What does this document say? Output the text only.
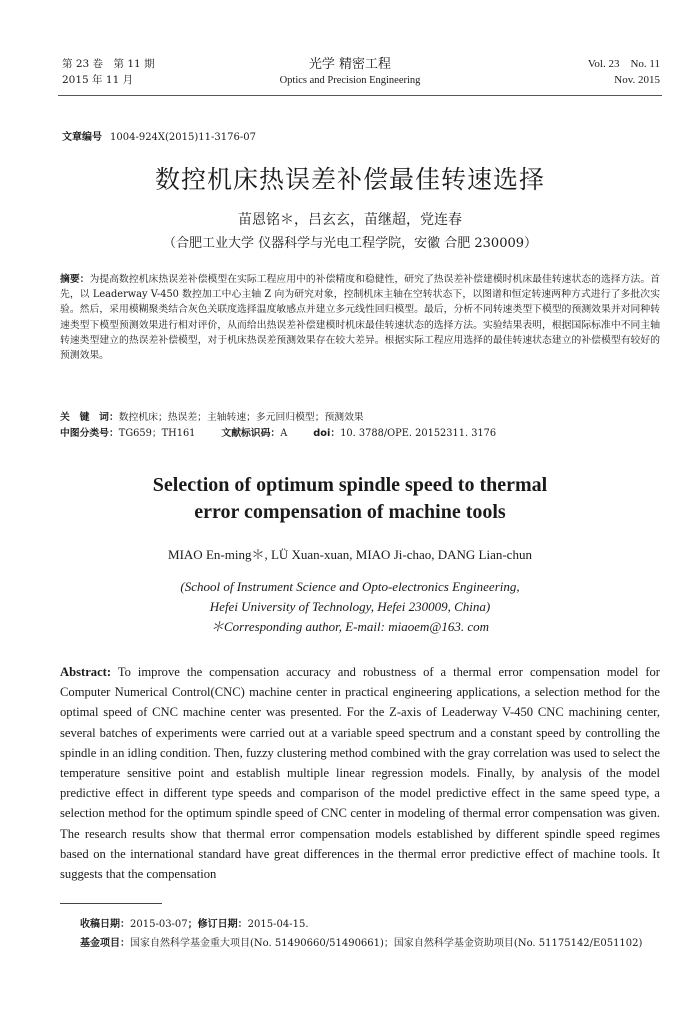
第 23 卷　第 11 期
2015 年 11 月
光学 精密工程
Optics and Precision Engineering
Vol. 23　No. 11
Nov. 2015
文章编号 1004-924X(2015)11-3176-07
数控机床热误差补偿最佳转速选择
苗恩铭＊，吕玄玄，苗继超，党连春
（合肥工业大学 仪器科学与光电工程学院，安徽 合肥 230009）
摘要：为提高数控机床热误差补偿模型在实际工程应用中的补偿精度和稳健性，研究了热误差补偿建模时机床最佳转速状态的选择方法。首先，以 Leaderway V-450 数控加工中心主轴 Z 向为研究对象，控制机床主轴在空转状态下，以图谱和恒定转速两种方式进行了多批次实验。然后，采用模糊聚类结合灰色关联度选择温度敏感点并建立多元线性回归模型。最后，分析不同转速类型下模型的预测效果并对同种转速类型下模型预测效果进行相对评价，从而给出热误差补偿建模时机床最佳转速状态的选择方法。实验结果表明，根据国际标准中不同主轴转速类型建立的热误差补偿模型，对于机床热误差预测效果存在较大差异。根据实际工程应用选择的最佳转速状态建立的补偿模型有较好的预测效果。
关　键　词：数控机床；热误差；主轴转速；多元回归模型；预测效果
中图分类号：TG659；TH161	文献标识码：A	doi：10. 3788/OPE. 20152311. 3176
Selection of optimum spindle speed to thermal
error compensation of machine tools
MIAO En-ming＊, LÜ Xuan-xuan, MIAO Ji-chao, DANG Lian-chun
(School of Instrument Science and Opto-electronics Engineering,
Hefei University of Technology, Hefei 230009, China)
＊Corresponding author, E-mail: miaoem@163. com
Abstract: To improve the compensation accuracy and robustness of a thermal error compensation model for Computer Numerical Control(CNC) machine center in practical engineering applications, a selection method for the optimal speed of CNC machine center was presented. For the Z-axis of Leaderway V-450 CNC machining center, several batches of experiments were carried out at a variable speed spectrum and a constant speed by controlling the spindle in an idling condition. Then, fuzzy clustering method combined with the gray correlation was used to select the temperature sensitive point and establish multiple linear regression models. Finally, by analysis of the model predictive effect in different type speeds and comparison of the model predictive effect in the same speed type, a selection method for the optimum spindle speed of CNC center in modeling of thermal error compensation was given. The research results show that thermal error compensation models established by different spindle speed regimes based on the international standard have great differences in the thermal error predictive effect of machine tools. It suggests that the compensation
收稿日期：2015-03-07；修订日期：2015-04-15.
基金项目：国家自然科学基金重大项目(No. 51490660/51490661)；国家自然科学基金资助项目(No. 51175142/E051102)
